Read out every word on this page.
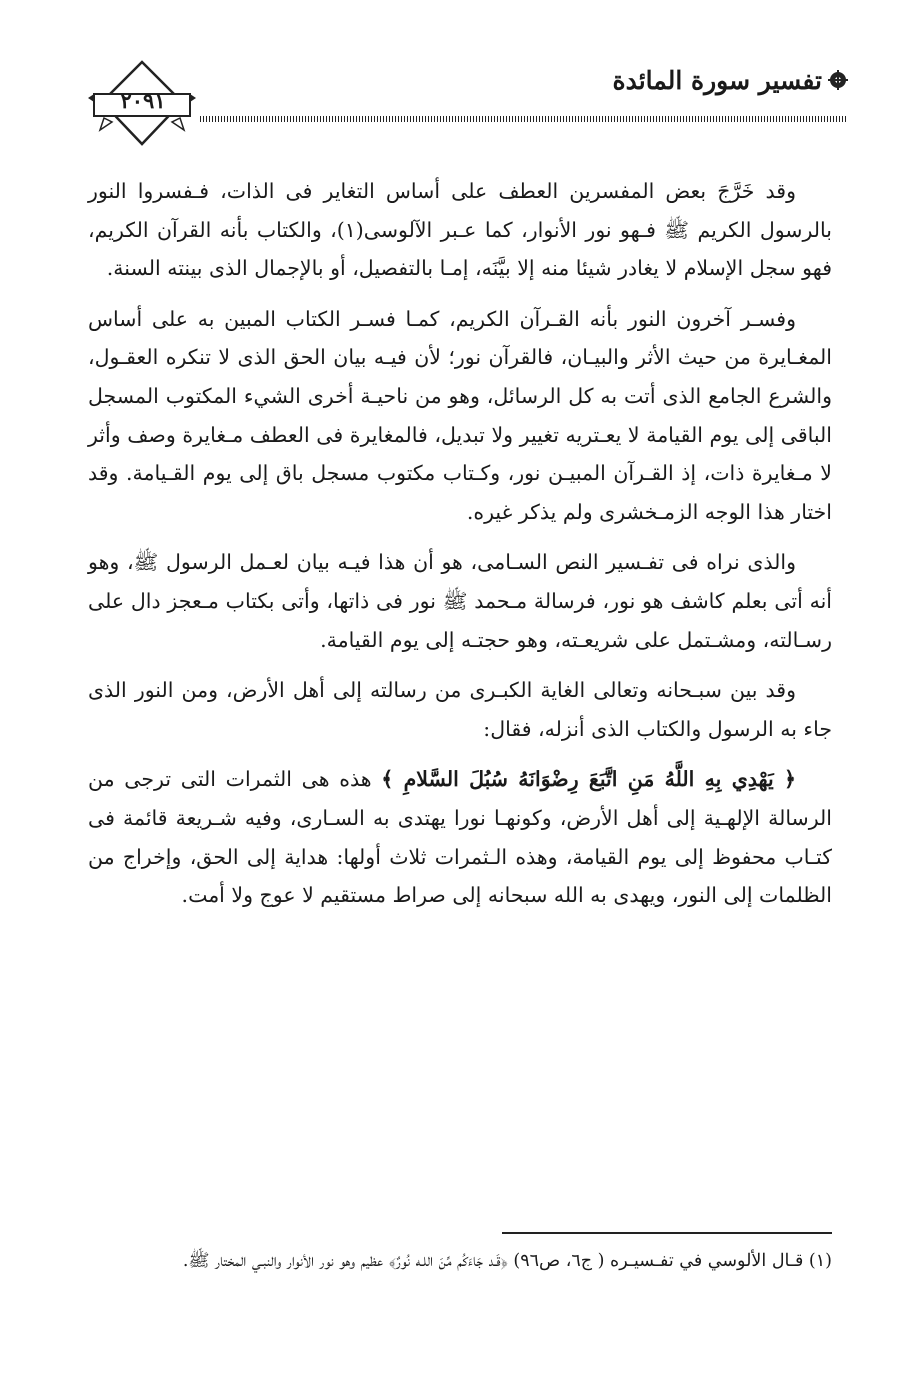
٢٠٩١
تفسير سورة المائدة

وقد خَرَّجَ بعض المفسرين العطف على أساس التغاير فى الذات، فـفسروا النور بالرسول الكريم ﷺ فـهو نور الأنوار، كما عـبر الآلوسى(١)، والكتاب بأنه القرآن الكريم، فهو سجل الإسلام لا يغادر شيئا منه إلا بيَّنَه، إمـا بالتفصيل، أو بالإجمال الذى بينته السنة.

وفسـر آخرون النور بأنه القـرآن الكريم، كمـا فسـر الكتاب المبين به على أساس المغـايرة من حيث الأثر والبيـان، فالقرآن نور؛ لأن فيـه بيان الحق الذى لا تنكره العقـول، والشرع الجامع الذى أتت به كل الرسائل، وهو من ناحيـة أخرى الشيء المكتوب المسجل الباقى إلى يوم القيامة لا يعـتريه تغيير ولا تبديل، فالمغايرة فى العطف مـغايرة وصف وأثر لا مـغايرة ذات، إذ القـرآن المبيـن نور، وكـتاب مكتوب مسجل باق إلى يوم القـيامة. وقد اختار هذا الوجه الزمـخشرى ولم يذكر غيره.

والذى نراه فى تفـسير النص السـامى، هو أن هذا فيـه بيان لعـمل الرسول ﷺ، وهو أنه أتى بعلم كاشف هو نور، فرسالة مـحمد ﷺ نور فى ذاتها، وأتى بكتاب مـعجز دال على رسـالته، ومشـتمل على شريعـته، وهو حجتـه إلى يوم القيامة.

وقد بين سبـحانه وتعالى الغاية الكبـرى من رسالته إلى أهل الأرض، ومن النور الذى جاء به الرسول والكتاب الذى أنزله، فقال:

﴿ يَهْدِي بِهِ اللَّهُ مَنِ اتَّبَعَ رِضْوَانَهُ سُبُلَ السَّلامِ ﴾ هذه هى الثمرات التى ترجى من الرسالة الإلهـية إلى أهل الأرض، وكونهـا نورا يهتدى به السـارى، وفيه شـريعة قائمة فى كتـاب محفوظ إلى يوم القيامة، وهذه الـثمرات ثلاث أولها: هداية إلى الحق، وإخراج من الظلمات إلى النور، ويهدى به الله سبحانه إلى صراط مستقيم لا عوج ولا أمت.

(١) قـال الألوسي في تفـسيـره ( ج٦، ص٩٦) ﴿قَـد جَاءَكُم مِّنَ اللـه نُورٌ﴾ عظيم وهو نور الأنوار والنبـي المختار ﷺ.
